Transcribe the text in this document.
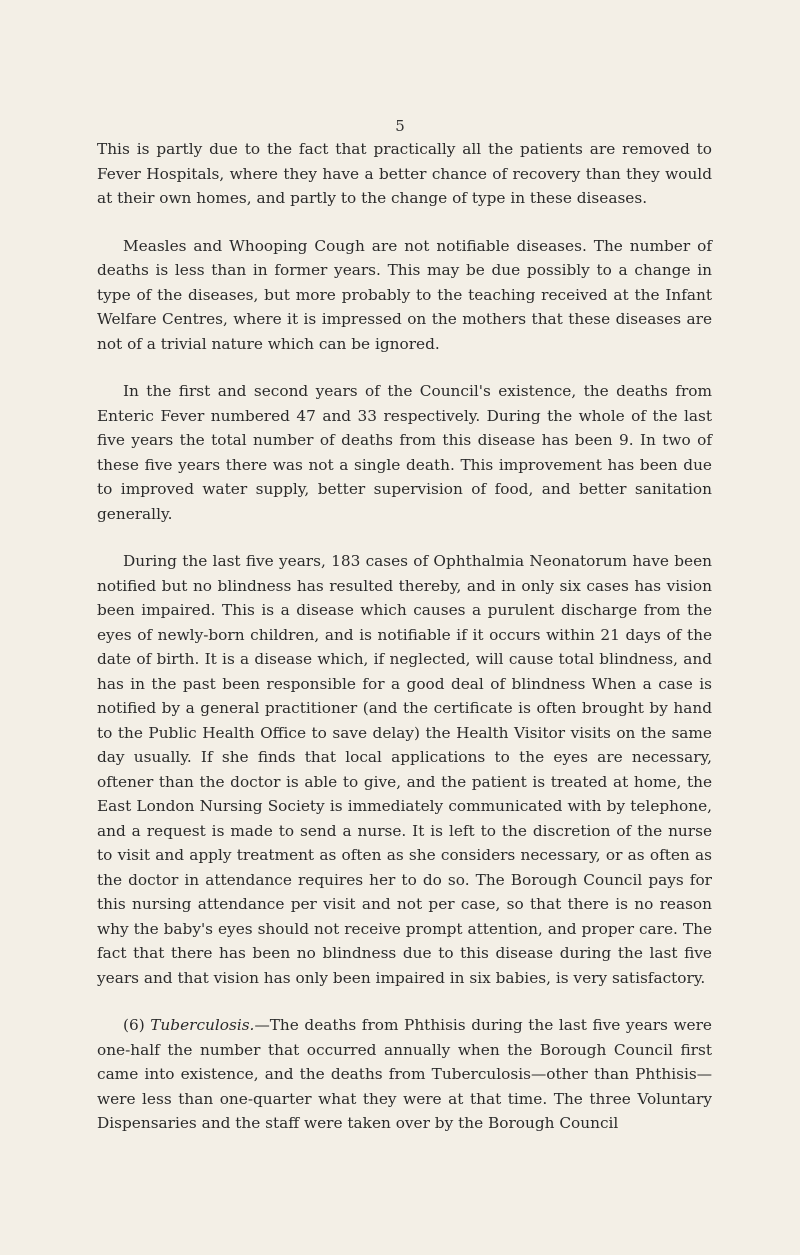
5

This is partly due to the fact that practically all the patients are removed to Fever Hospitals, where they have a better chance of recovery than they would at their own homes, and partly to the change of type in these diseases.

Measles and Whooping Cough are not notifiable diseases. The number of deaths is less than in former years. This may be due possibly to a change in type of the diseases, but more probably to the teaching received at the Infant Welfare Centres, where it is impressed on the mothers that these diseases are not of a trivial nature which can be ignored.

In the first and second years of the Council's existence, the deaths from Enteric Fever numbered 47 and 33 respectively. During the whole of the last five years the total number of deaths from this disease has been 9. In two of these five years there was not a single death. This improvement has been due to improved water supply, better supervision of food, and better sanitation generally.

During the last five years, 183 cases of Ophthalmia Neonatorum have been notified but no blindness has resulted thereby, and in only six cases has vision been impaired. This is a disease which causes a purulent discharge from the eyes of newly-born children, and is notifiable if it occurs within 21 days of the date of birth. It is a disease which, if neglected, will cause total blindness, and has in the past been responsible for a good deal of blindness When a case is notified by a general practitioner (and the certificate is often brought by hand to the Public Health Office to save delay) the Health Visitor visits on the same day usually. If she finds that local applications to the eyes are necessary, oftener than the doctor is able to give, and the patient is treated at home, the East London Nursing Society is immediately communicated with by telephone, and a request is made to send a nurse. It is left to the discretion of the nurse to visit and apply treatment as often as she considers necessary, or as often as the doctor in attendance requires her to do so. The Borough Council pays for this nursing attendance per visit and not per case, so that there is no reason why the baby's eyes should not receive prompt attention, and proper care. The fact that there has been no blindness due to this disease during the last five years and that vision has only been impaired in six babies, is very satisfactory.

(6) Tuberculosis.—The deaths from Phthisis during the last five years were one-half the number that occurred annually when the Borough Council first came into existence, and the deaths from Tuberculosis—other than Phthisis—were less than one-quarter what they were at that time. The three Voluntary Dispensaries and the staff were taken over by the Borough Council
